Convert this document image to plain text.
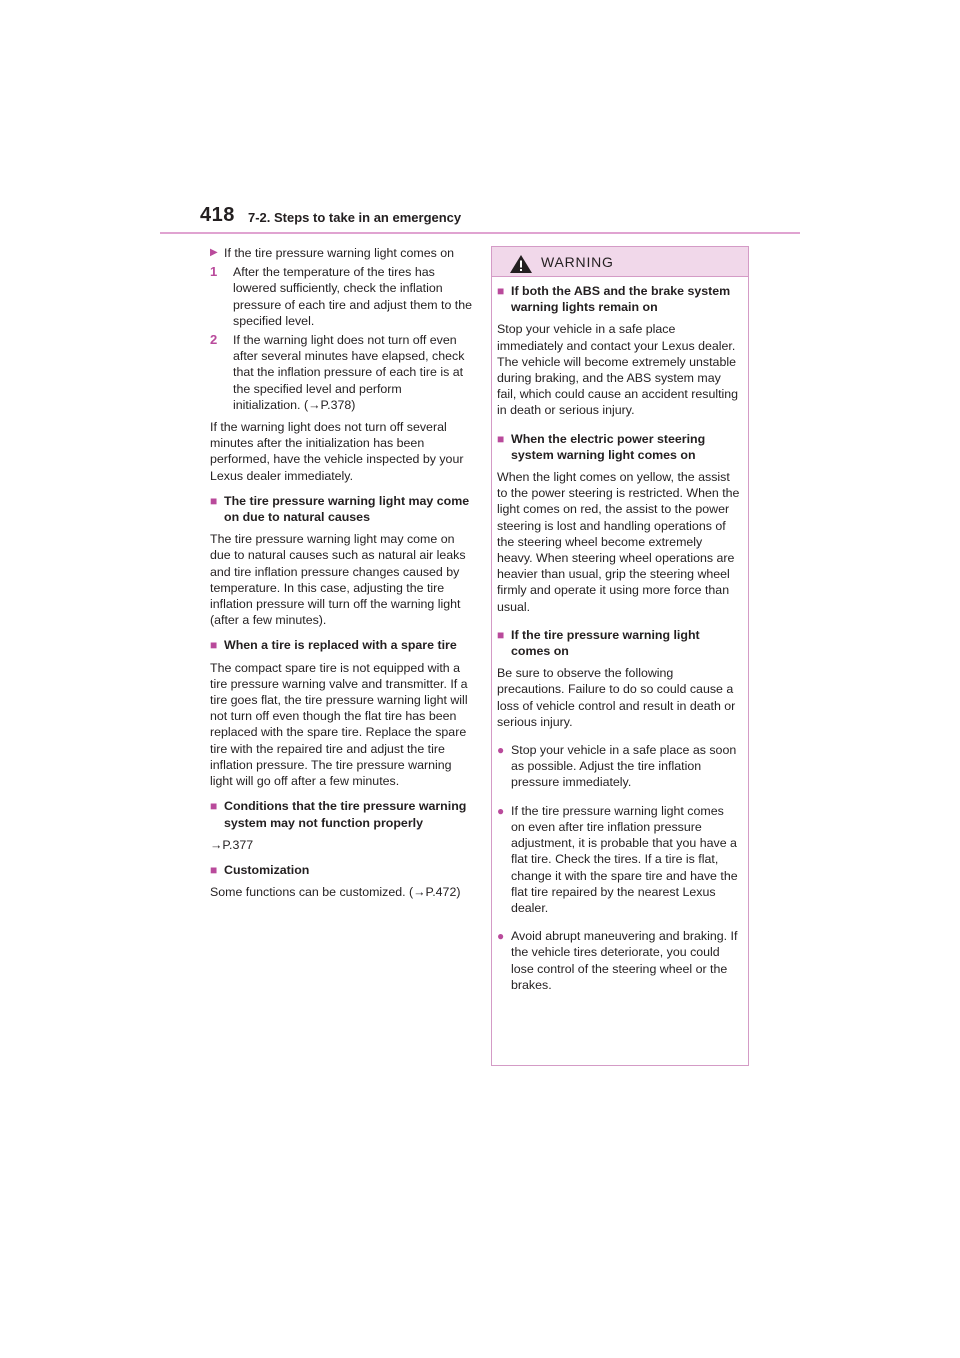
418 7-2. Steps to take in an emergency
▶ If the tire pressure warning light comes on
1	After the temperature of the tires has lowered sufficiently, check the inflation pressure of each tire and adjust them to the specified level.
2	If the warning light does not turn off even after several minutes have elapsed, check that the inflation pressure of each tire is at the specified level and perform initialization. (→P.378)

If the warning light does not turn off several minutes after the initialization has been performed, have the vehicle inspected by your Lexus dealer immediately.

■ The tire pressure warning light may come on due to natural causes

The tire pressure warning light may come on due to natural causes such as natural air leaks and tire inflation pressure changes caused by temperature. In this case, adjusting the tire inflation pressure will turn off the warning light (after a few minutes).

■ When a tire is replaced with a spare tire

The compact spare tire is not equipped with a tire pressure warning valve and transmitter. If a tire goes flat, the tire pressure warning light will not turn off even though the flat tire has been replaced with the spare tire. Replace the spare tire with the repaired tire and adjust the tire inflation pressure. The tire pressure warning light will go off after a few minutes.

■ Conditions that the tire pressure warning system may not function properly

→P.377

■ Customization

Some functions can be customized. (→P.472)

WARNING
■ If both the ABS and the brake system warning lights remain on

Stop your vehicle in a safe place immediately and contact your Lexus dealer. The vehicle will become extremely unstable during braking, and the ABS system may fail, which could cause an accident resulting in death or serious injury.

■ When the electric power steering system warning light comes on

When the light comes on yellow, the assist to the power steering is restricted. When the light comes on red, the assist to the power steering is lost and handling operations of the steering wheel become extremely heavy. When steering wheel operations are heavier than usual, grip the steering wheel firmly and operate it using more force than usual.

■ If the tire pressure warning light comes on

Be sure to observe the following precautions. Failure to do so could cause a loss of vehicle control and result in death or serious injury.

● Stop your vehicle in a safe place as soon as possible. Adjust the tire inflation pressure immediately.
● If the tire pressure warning light comes on even after tire inflation pressure adjustment, it is probable that you have a flat tire. Check the tires. If a tire is flat, change it with the spare tire and have the flat tire repaired by the nearest Lexus dealer.
● Avoid abrupt maneuvering and braking. If the vehicle tires deteriorate, you could lose control of the steering wheel or the brakes.
